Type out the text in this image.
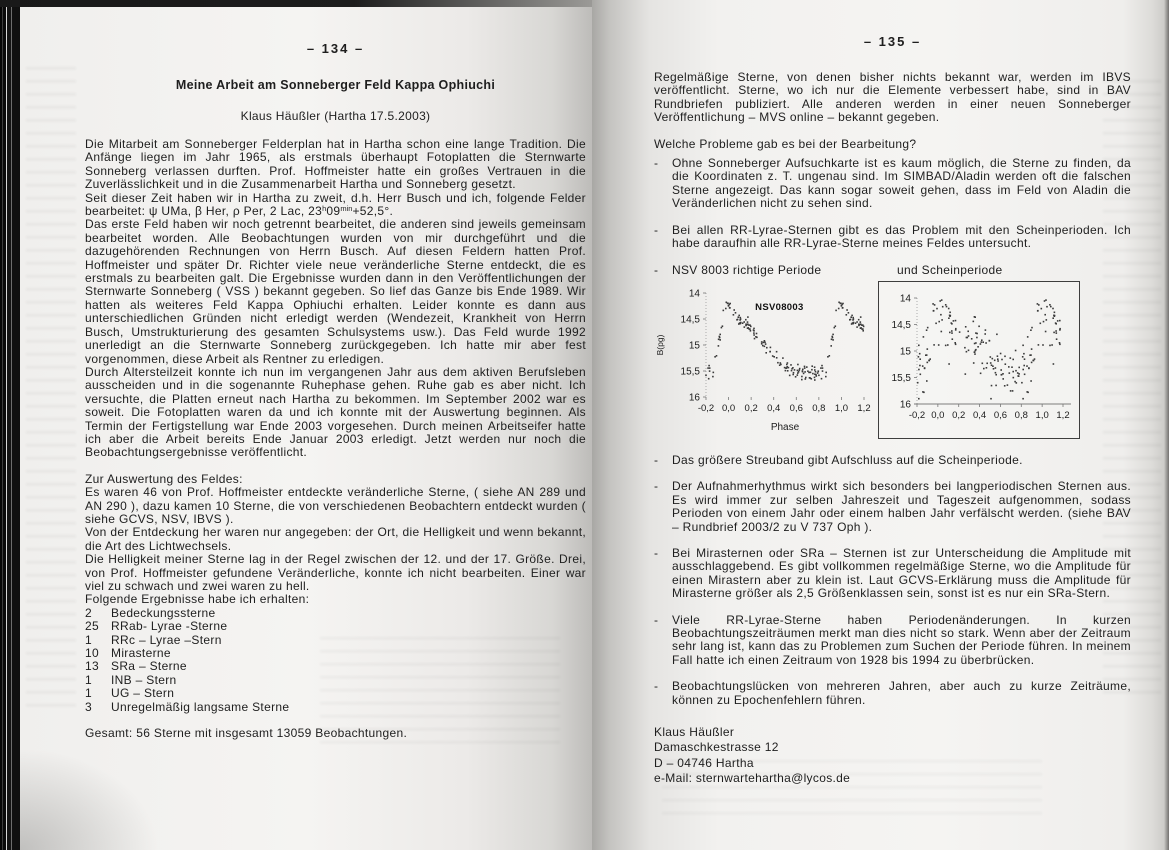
– 134 –
Meine Arbeit am Sonneberger Feld Kappa Ophiuchi
Klaus Häußler (Hartha 17.5.2003)

Die Mitarbeit am Sonneberger Felderplan hat in Hartha schon eine lange Tradition. Die Anfänge liegen im Jahr 1965, als erstmals überhaupt Fotoplatten die Sternwarte Sonneberg verlassen durften. Prof. Hoffmeister hatte ein großes Vertrauen in die Zuverlässlichkeit und in die Zusammenarbeit Hartha und Sonneberg gesetzt.

Seit dieser Zeit haben wir in Hartha zu zweit, d.h. Herr Busch und ich, folgende Felder bearbeitet: ψ UMa, β Her, ρ Per, 2 Lac, $23^h09^{min}+52,5^\circ$.

Das erste Feld haben wir noch getrennt bearbeitet, die anderen sind jeweils gemeinsam bearbeitet worden. Alle Beobachtungen wurden von mir durchgeführt und die dazugehörenden Rechnungen von Herrn Busch. Auf diesen Feldern hatten Prof. Hoffmeister und später Dr. Richter viele neue veränderliche Sterne entdeckt, die es erstmals zu bearbeiten galt. Die Ergebnisse wurden dann in den Veröffentlichungen der Sternwarte Sonneberg ( VSS ) bekannt gegeben. So lief das Ganze bis Ende 1989. Wir hatten als weiteres Feld Kappa Ophiuchi erhalten. Leider konnte es dann aus unterschiedlichen Gründen nicht erledigt werden (Wendezeit, Krankheit von Herrn Busch, Umstrukturierung des gesamten Schulsystems usw.). Das Feld wurde 1992 unerledigt an die Sternwarte Sonneberg zurückgegeben. Ich hatte mir aber fest vorgenommen, diese Arbeit als Rentner zu erledigen.

Durch Altersteilzeit konnte ich nun im vergangenen Jahr aus dem aktiven Berufsleben ausscheiden und in die sogenannte Ruhephase gehen. Ruhe gab es aber nicht. Ich versuchte, die Platten erneut nach Hartha zu bekommen. Im September 2002 war es soweit. Die Fotoplatten waren da und ich konnte mit der Auswertung beginnen. Als Termin der Fertigstellung war Ende 2003 vorgesehen. Durch meinen Arbeitseifer hatte ich aber die Arbeit bereits Ende Januar 2003 erledigt. Jetzt werden nur noch die Beobachtungsergebnisse veröffentlicht.

Zur Auswertung des Feldes:

Es waren 46 von Prof. Hoffmeister entdeckte veränderliche Sterne, ( siehe AN 289 und AN 290 ), dazu kamen 10 Sterne, die von verschiedenen Beobachtern entdeckt wurden ( siehe GCVS, NSV, IBVS ).

Von der Entdeckung her waren nur angegeben: der Ort, die Helligkeit und wenn bekannt, die Art des Lichtwechsels.

Die Helligkeit meiner Sterne lag in der Regel zwischen der 12. und der 17. Größe. Drei, von Prof. Hoffmeister gefundene Veränderliche, konnte ich nicht bearbeiten. Einer war viel zu schwach und zwei waren zu hell.

Folgende Ergebnisse habe ich erhalten:

2	Bedeckungssterne
25	RRab- Lyrae -Sterne
1	RRc – Lyrae –Stern
10	Mirasterne
13	SRa – Sterne
1	INB – Stern
1	UG – Stern
3	Unregelmäßig langsame Sterne

Gesamt: 56 Sterne mit insgesamt 13059 Beobachtungen.

– 135 –

Regelmäßige Sterne, von denen bisher nichts bekannt war, werden im IBVS veröffentlicht. Sterne, wo ich nur die Elemente verbessert habe, sind in BAV Rundbriefen publiziert. Alle anderen werden in einer neuen Sonneberger Veröffentlichung – MVS online – bekannt gegeben.

Welche Probleme gab es bei der Bearbeitung?

-	Ohne Sonneberger Aufsuchkarte ist es kaum möglich, die Sterne zu finden, da die Koordinaten z. T. ungenau sind. Im SIMBAD/Aladin werden oft die falschen Sterne angezeigt. Das kann sogar soweit gehen, dass im Feld von Aladin die Veränderlichen nicht zu sehen sind.
-	Bei allen RR-Lyrae-Sternen gibt es das Problem mit den Scheinperioden. Ich habe daraufhin alle RR-Lyrae-Sterne meines Feldes untersucht.
-	NSV 8003 richtige Periode	und Scheinperiode
14
14,5
15
15,5
16
-0,2 0,0 0,2 0,4 0,6 0,8 1,0 1,2
Phase
B(pg)
NSV08003
14
14,5
15
15,5
16
-0,2 0,0 0,2 0,4 0,6 0,8 1,0 1,2
-	Das größere Streuband gibt Aufschluss auf die Scheinperiode.
-	Der Aufnahmerhythmus wirkt sich besonders bei langperiodischen Sternen aus. Es wird immer zur selben Jahreszeit und Tageszeit aufgenommen, sodass Perioden von einem Jahr oder einem halben Jahr verfälscht werden. (siehe BAV – Rundbrief 2003/2 zu V 737 Oph ).
-	Bei Mirasternen oder SRa – Sternen ist zur Unterscheidung die Amplitude mit ausschlaggebend. Es gibt vollkommen regelmäßige Sterne, wo die Amplitude für einen Mirastern aber zu klein ist. Laut GCVS-Erklärung muss die Amplitude für Mirasterne größer als 2,5 Größenklassen sein, sonst ist es nur ein SRa-Stern.
-	Viele RR-Lyrae-Sterne haben Periodenänderungen. In kurzen Beobachtungszeiträumen merkt man dies nicht so stark. Wenn aber der Zeitraum sehr lang ist, kann das zu Problemen zum Suchen der Periode führen. In meinem Fall hatte ich einen Zeitraum von 1928 bis 1994 zu überbrücken.
-	Beobachtungslücken von mehreren Jahren, aber auch zu kurze Zeiträume, können zu Epochenfehlern führen.
Klaus Häußler
Damaschkestrasse 12
D – 04746 Hartha
e-Mail: sternwartehartha@lycos.de
